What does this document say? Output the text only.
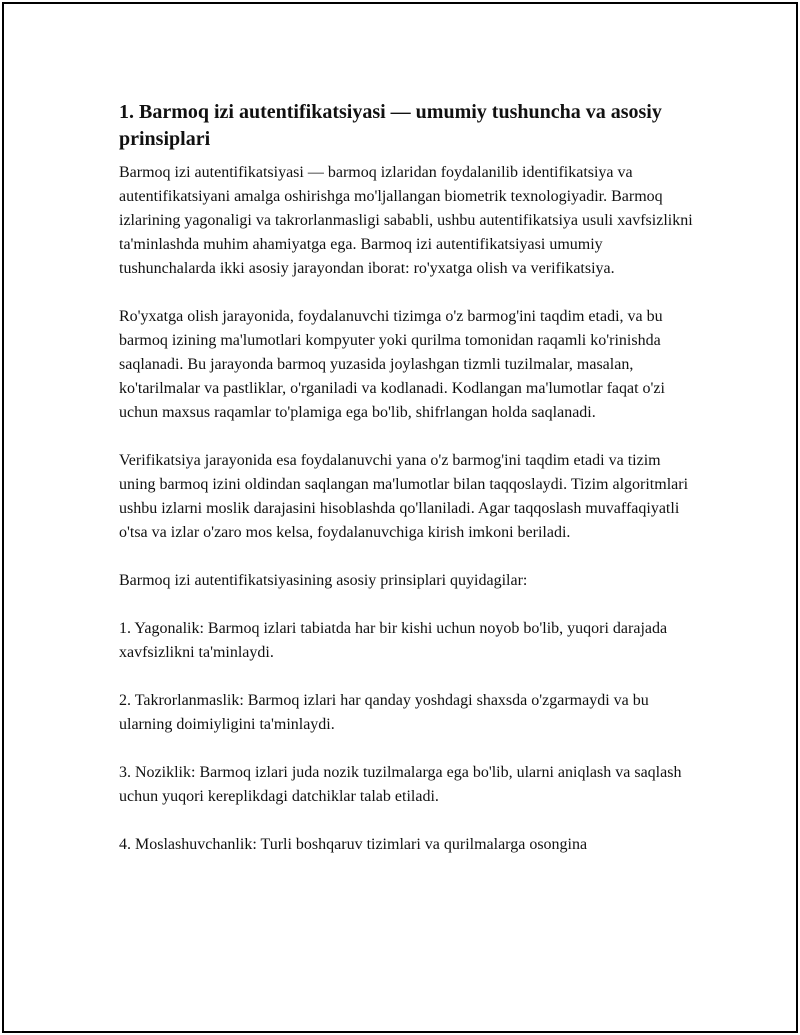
1. Barmoq izi autentifikatsiyasi — umumiy tushuncha va asosiy prinsiplari

Barmoq izi autentifikatsiyasi — barmoq izlaridan foydalanilib identifikatsiya va autentifikatsiyani amalga oshirishga mo'ljallangan biometrik texnologiyadir. Barmoq izlarining yagonaligi va takrorlanmasligi sababli, ushbu autentifikatsiya usuli xavfsizlikni ta'minlashda muhim ahamiyatga ega. Barmoq izi autentifikatsiyasi umumiy tushunchalarda ikki asosiy jarayondan iborat: ro'yxatga olish va verifikatsiya.

Ro'yxatga olish jarayonida, foydalanuvchi tizimga o'z barmog'ini taqdim etadi, va bu barmoq izining ma'lumotlari kompyuter yoki qurilma tomonidan raqamli ko'rinishda saqlanadi. Bu jarayonda barmoq yuzasida joylashgan tizmli tuzilmalar, masalan, ko'tarilmalar va pastliklar, o'rganiladi va kodlanadi. Kodlangan ma'lumotlar faqat o'zi uchun maxsus raqamlar to'plamiga ega bo'lib, shifrlangan holda saqlanadi.

Verifikatsiya jarayonida esa foydalanuvchi yana o'z barmog'ini taqdim etadi va tizim uning barmoq izini oldindan saqlangan ma'lumotlar bilan taqqoslaydi. Tizim algoritmlari ushbu izlarni moslik darajasini hisoblashda qo'llaniladi. Agar taqqoslash muvaffaqiyatli o'tsa va izlar o'zaro mos kelsa, foydalanuvchiga kirish imkoni beriladi.

Barmoq izi autentifikatsiyasining asosiy prinsiplari quyidagilar:

1. Yagonalik: Barmoq izlari tabiatda har bir kishi uchun noyob bo'lib, yuqori darajada xavfsizlikni ta'minlaydi.

2. Takrorlanmaslik: Barmoq izlari har qanday yoshdagi shaxsda o'zgarmaydi va bu ularning doimiyligini ta'minlaydi.

3. Noziklik: Barmoq izlari juda nozik tuzilmalarga ega bo'lib, ularni aniqlash va saqlash uchun yuqori kereplikdagi datchiklar talab etiladi.

4. Moslashuvchanlik: Turli boshqaruv tizimlari va qurilmalarga osongina
